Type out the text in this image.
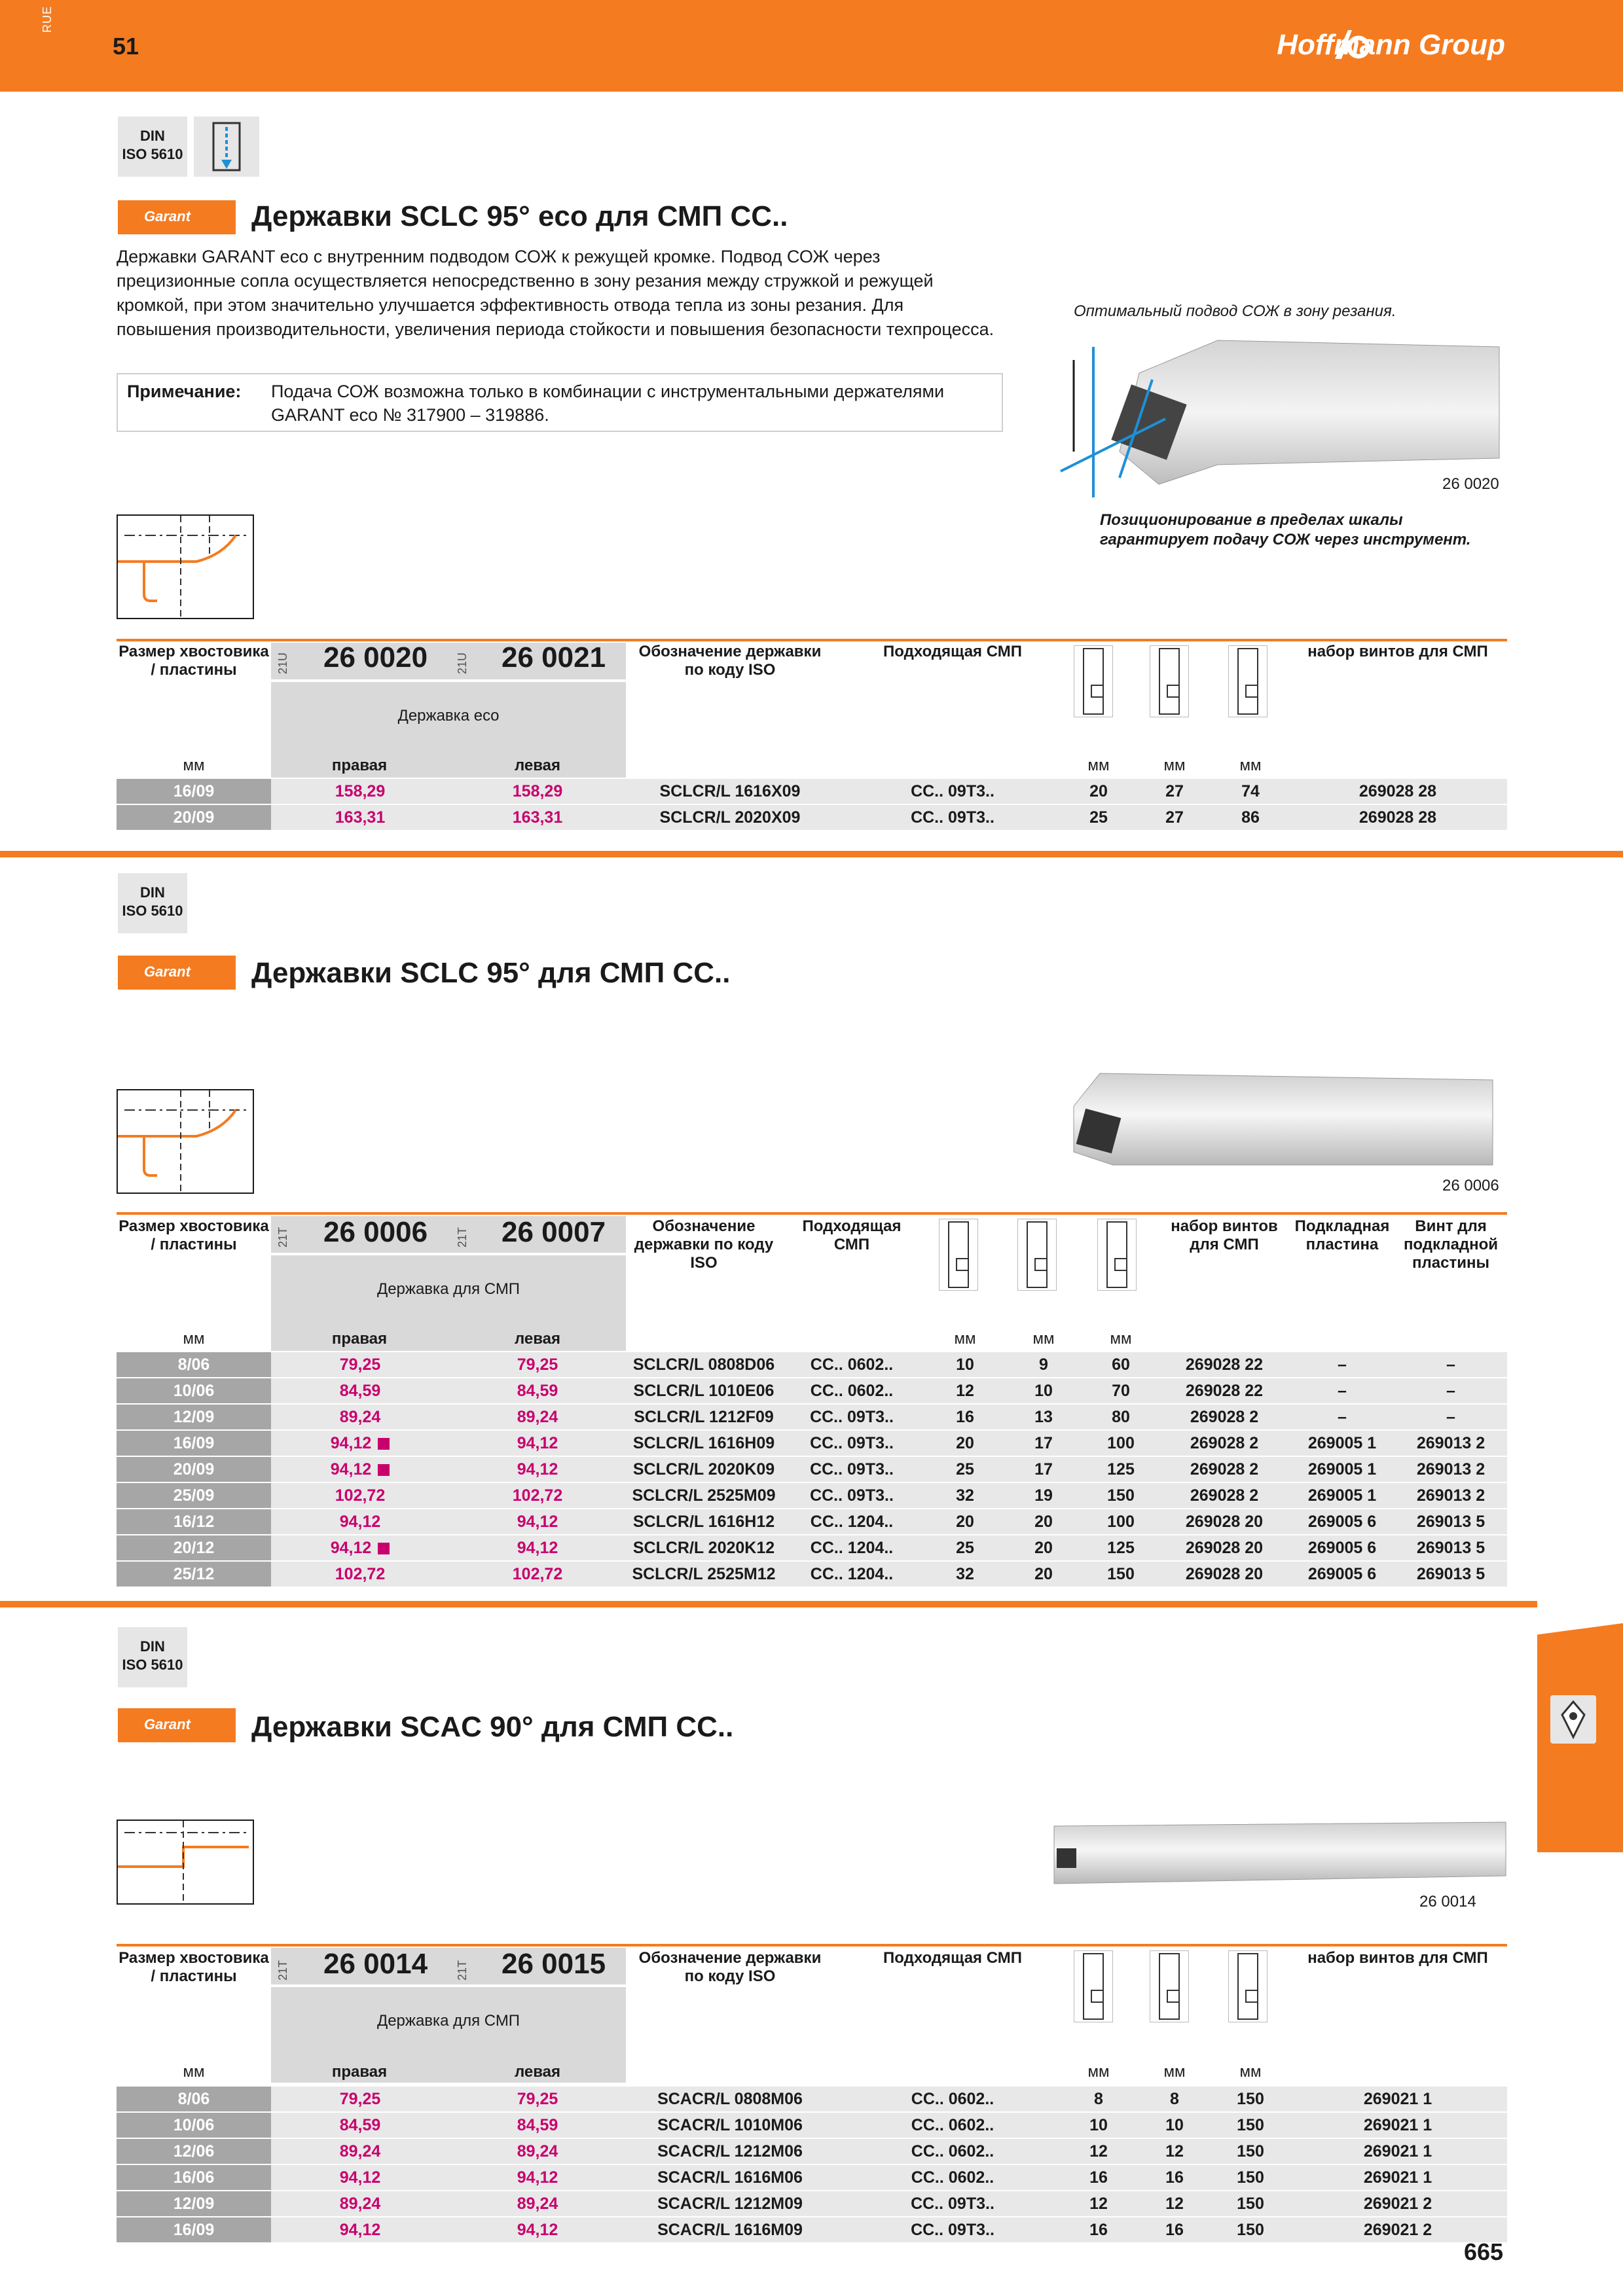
RUE
51	Hoffmann Group
DIN
ISO 5610
Garant	Державки SCLC 95° eco для СМП CC..
Державки GARANT eco с внутренним подводом СОЖ к режущей кромке. Подвод СОЖ через прецизионные сопла осуществляется непосредственно в зону резания между стружкой и режущей кромкой, при этом значительно улучшается эффективность отвода тепла из зоны резания. Для повышения производительности, увеличения периода стойкости и повышения безопасности техпроцесса.
Примечание: Подача СОЖ возможна только в комбинации с инструментальными держателями GARANT eco № 317900 – 319886.
Оптимальный подвод СОЖ в зону резания.
26 0020
Позиционирование в пределах шкалы гарантирует подачу СОЖ через инструмент.
Размер хвостовика / пластины	21U 26 0020 21U 26 0021
Державка eco
Обозначение державки по коду ISO
Подходящая СМП	набор винтов для СМП
мм	правая	левая	мм	мм	мм
16/09	158,29	158,29	SCLCR/L 1616X09	CC.. 09T3..	20	27	74	269028 28
20/09	163,31	163,31	SCLCR/L 2020X09	CC.. 09T3..	25	27	86	269028 28
DIN
ISO 5610
Garant	Державки SCLC 95° для СМП CC..
26 0006
Размер хвостовика / пластины	21T 26 0006 21T 26 0007
Державка для СМП
Обозначение державки по коду ISO
Подходящая СМП
набор винтов для СМП
Подкладная пластина
Винт для подкладной пластины
мм	правая	левая	мм	мм	мм
8/06	79,25	79,25	SCLCR/L 0808D06	CC.. 0602..	10	9	60	269028 22	–	–
10/06	84,59	84,59	SCLCR/L 1010E06	CC.. 0602..	12	10	70	269028 22	–	–
12/09	89,24	89,24	SCLCR/L 1212F09	CC.. 09T3..	16	13	80	269028 2	–	–
16/09	94,12	94,12	SCLCR/L 1616H09	CC.. 09T3..	20	17	100	269028 2	269005 1	269013 2
20/09	94,12	94,12	SCLCR/L 2020K09	CC.. 09T3..	25	17	125	269028 2	269005 1	269013 2
25/09	102,72	102,72	SCLCR/L 2525M09	CC.. 09T3..	32	19	150	269028 2	269005 1	269013 2
16/12	94,12	94,12	SCLCR/L 1616H12	CC.. 1204..	20	20	100	269028 20	269005 6	269013 5
20/12	94,12	94,12	SCLCR/L 2020K12	CC.. 1204..	25	20	125	269028 20	269005 6	269013 5
25/12	102,72	102,72	SCLCR/L 2525M12	CC.. 1204..	32	20	150	269028 20	269005 6	269013 5
DIN
ISO 5610
Garant	Державки SCAC 90° для СМП CC..
26 0014
Размер хвостовика / пластины	21T 26 0014 21T 26 0015
Державка для СМП
Обозначение державки по коду ISO
Подходящая СМП	набор винтов для СМП
мм	правая	левая	мм	мм	мм
8/06	79,25	79,25	SCACR/L 0808M06	CC.. 0602..	8	8	150	269021 1
10/06	84,59	84,59	SCACR/L 1010M06	CC.. 0602..	10	10	150	269021 1
12/06	89,24	89,24	SCACR/L 1212M06	CC.. 0602..	12	12	150	269021 1
16/06	94,12	94,12	SCACR/L 1616M06	CC.. 0602..	16	16	150	269021 1
12/09	89,24	89,24	SCACR/L 1212M09	CC.. 09T3..	12	12	150	269021 2
16/09	94,12	94,12	SCACR/L 1616M09	CC.. 09T3..	16	16	150	269021 2
665
